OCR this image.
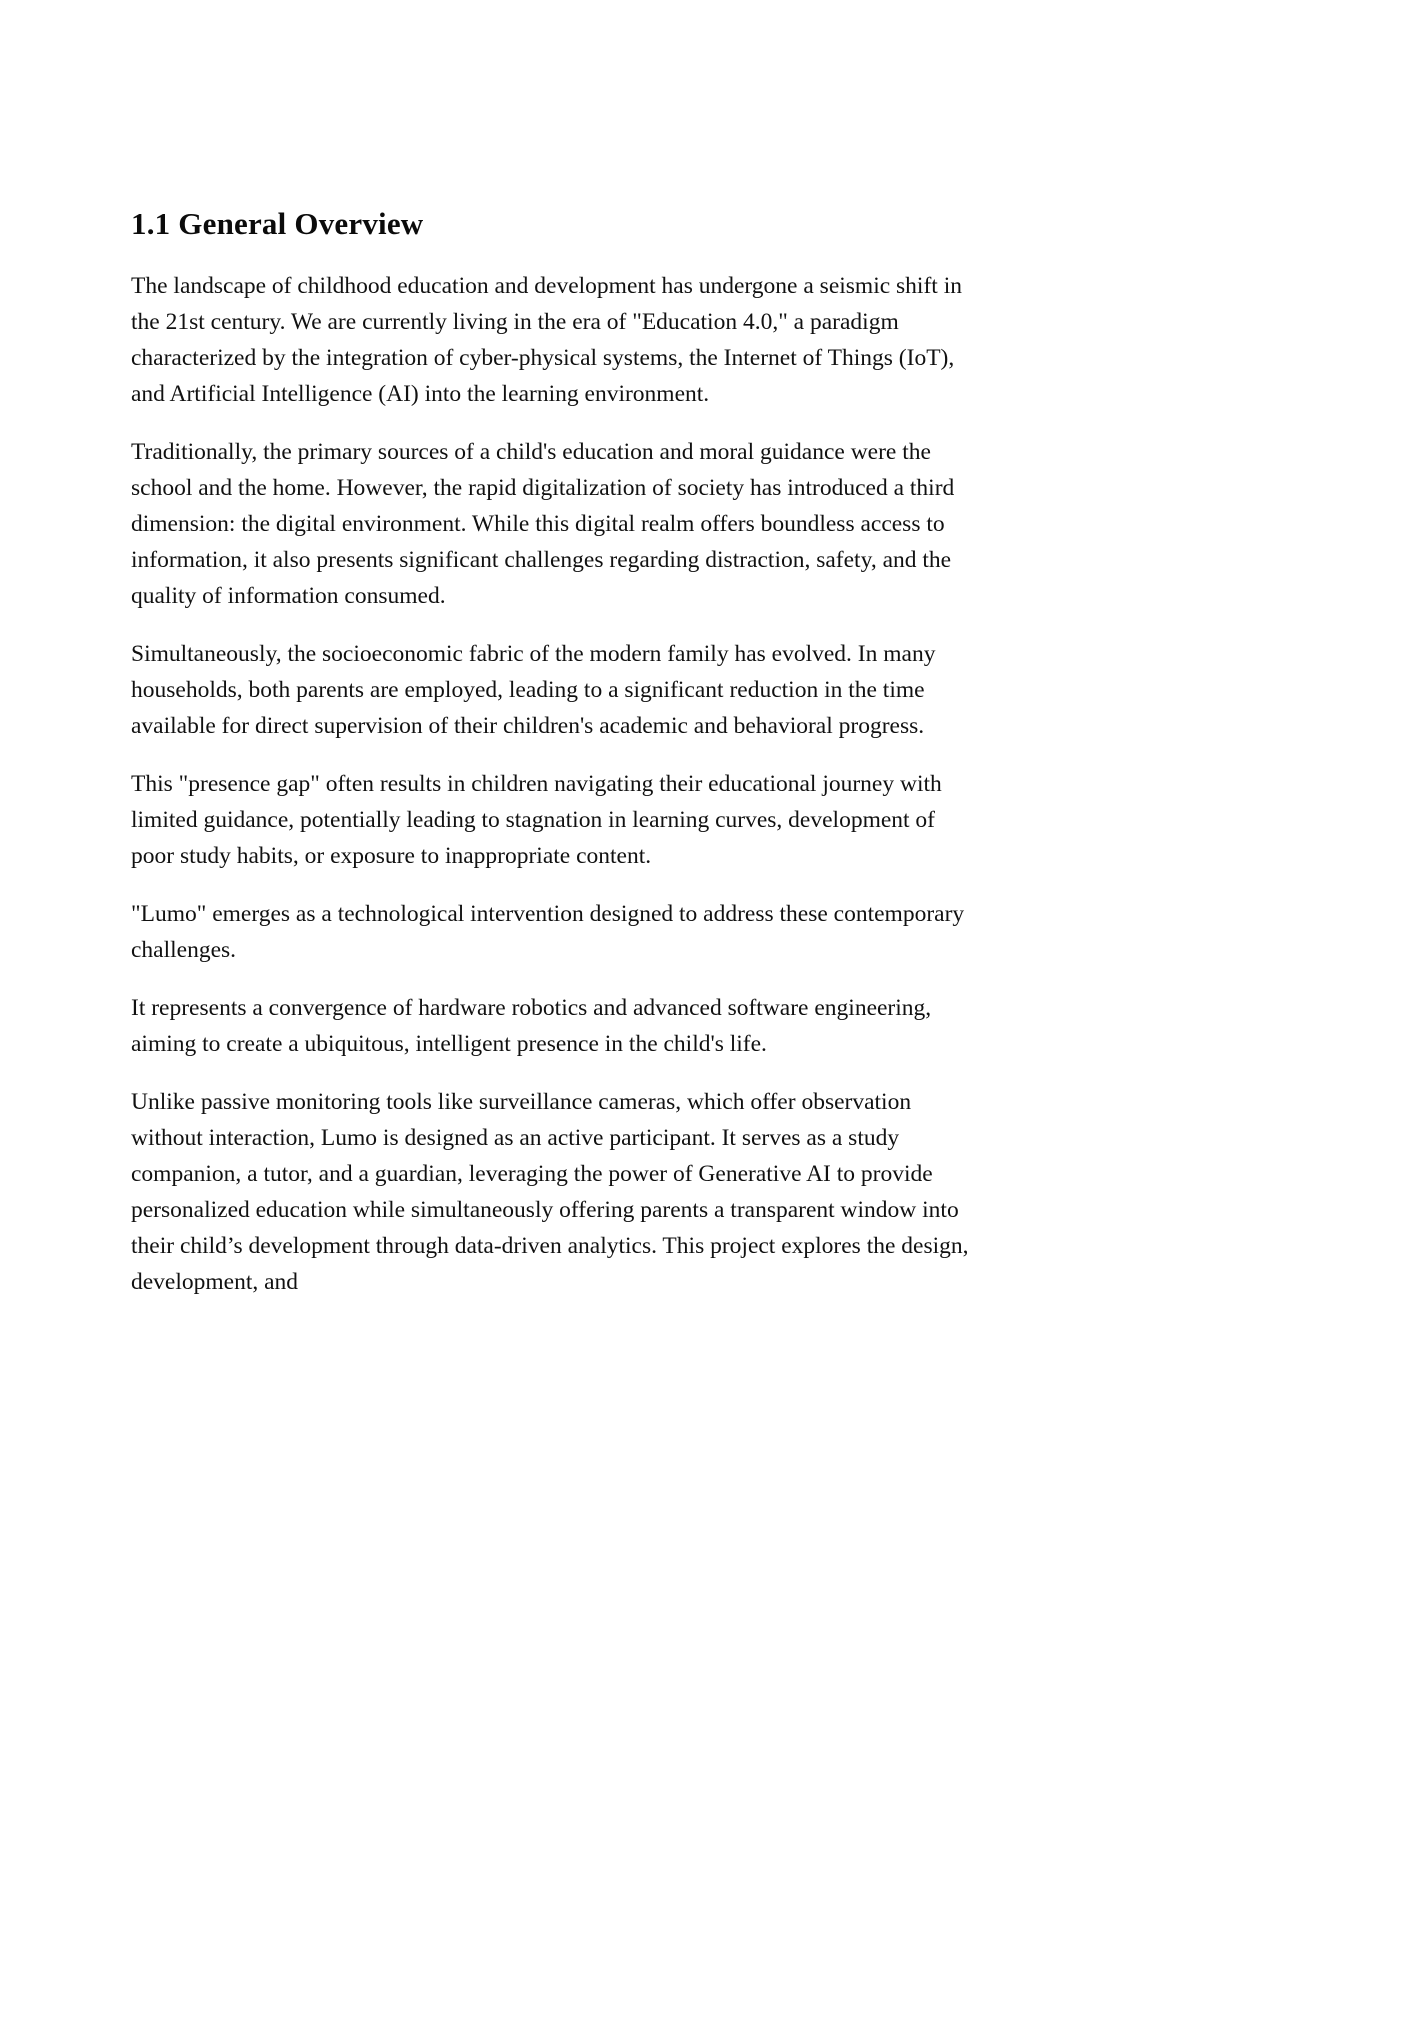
1.1 General Overview

The landscape of childhood education and development has undergone a seismic shift in the 21st century. We are currently living in the era of "Education 4.0," a paradigm characterized by the integration of cyber-physical systems, the Internet of Things (IoT), and Artificial Intelligence (AI) into the learning environment.

Traditionally, the primary sources of a child's education and moral guidance were the school and the home. However, the rapid digitalization of society has introduced a third dimension: the digital environment. While this digital realm offers boundless access to information, it also presents significant challenges regarding distraction, safety, and the quality of information consumed.

Simultaneously, the socioeconomic fabric of the modern family has evolved. In many households, both parents are employed, leading to a significant reduction in the time available for direct supervision of their children's academic and behavioral progress.

This "presence gap" often results in children navigating their educational journey with limited guidance, potentially leading to stagnation in learning curves, development of poor study habits, or exposure to inappropriate content.

"Lumo" emerges as a technological intervention designed to address these contemporary challenges.

It represents a convergence of hardware robotics and advanced software engineering, aiming to create a ubiquitous, intelligent presence in the child's life.

Unlike passive monitoring tools like surveillance cameras, which offer observation without interaction, Lumo is designed as an active participant. It serves as a study companion, a tutor, and a guardian, leveraging the power of Generative AI to provide personalized education while simultaneously offering parents a transparent window into their child’s development through data-driven analytics. This project explores the design, development, and
